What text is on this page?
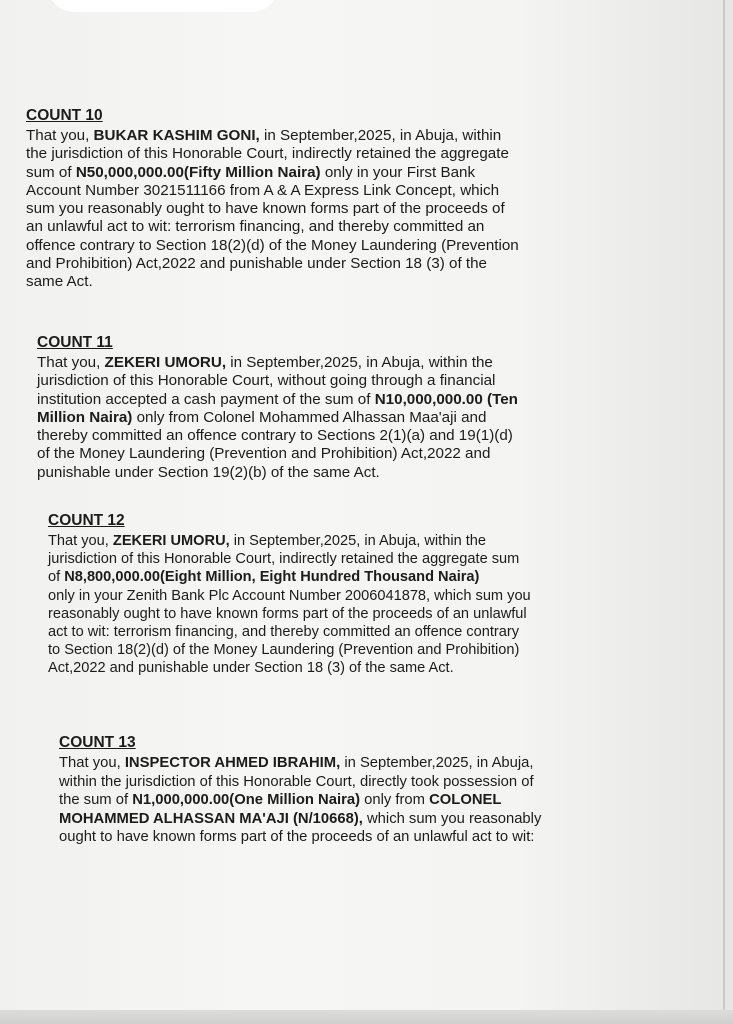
COUNT 10
That you, BUKAR KASHIM GONI, in September,2025, in Abuja, within
the jurisdiction of this Honorable Court, indirectly retained the aggregate
sum of N50,000,000.00(Fifty Million Naira) only in your First Bank
Account Number 3021511166 from A & A Express Link Concept, which
sum you reasonably ought to have known forms part of the proceeds of
an unlawful act to wit: terrorism financing, and thereby committed an
offence contrary to Section 18(2)(d) of the Money Laundering (Prevention
and Prohibition) Act,2022 and punishable under Section 18 (3) of the
same Act.
COUNT 11
That you, ZEKERI UMORU, in September,2025, in Abuja, within the
jurisdiction of this Honorable Court, without going through a financial
institution accepted a cash payment of the sum of N10,000,000.00 (Ten
Million Naira) only from Colonel Mohammed Alhassan Maa'aji and
thereby committed an offence contrary to Sections 2(1)(a) and 19(1)(d)
of the Money Laundering (Prevention and Prohibition) Act,2022 and
punishable under Section 19(2)(b) of the same Act.
COUNT 12
That you, ZEKERI UMORU, in September,2025, in Abuja, within the
jurisdiction of this Honorable Court, indirectly retained the aggregate sum
of N8,800,000.00(Eight Million, Eight Hundred Thousand Naira)
only in your Zenith Bank Plc Account Number 2006041878, which sum you
reasonably ought to have known forms part of the proceeds of an unlawful
act to wit: terrorism financing, and thereby committed an offence contrary
to Section 18(2)(d) of the Money Laundering (Prevention and Prohibition)
Act,2022 and punishable under Section 18 (3) of the same Act.
COUNT 13
That you, INSPECTOR AHMED IBRAHIM, in September,2025, in Abuja,
within the jurisdiction of this Honorable Court, directly took possession of
the sum of N1,000,000.00(One Million Naira) only from COLONEL
MOHAMMED ALHASSAN MA'AJI (N/10668), which sum you reasonably
ought to have known forms part of the proceeds of an unlawful act to wit:
